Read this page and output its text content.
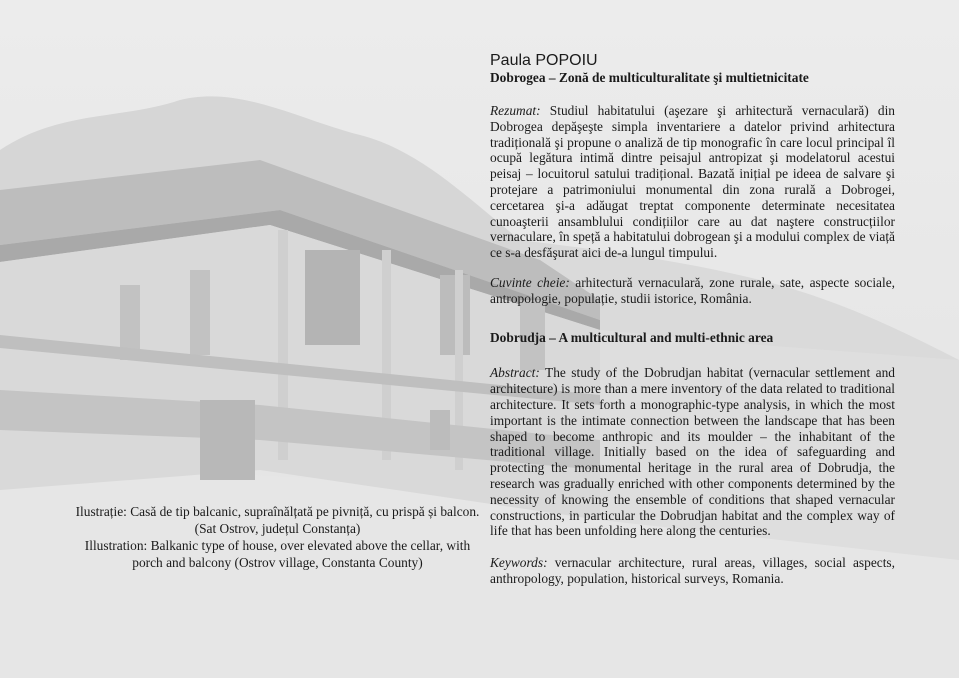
Ilustrație: Casă de tip balcanic, supraînălțată pe pivniță, cu prispă și balcon.
(Sat Ostrov, județul Constanța)
Illustration: Balkanic type of house, over elevated above the cellar, with
porch and balcony (Ostrov village, Constanta County)
Paula POPOIU
Dobrogea – Zonă de multiculturalitate şi multietnicitate

Rezumat: Studiul habitatului (aşezare şi arhitectură vernaculară) din Dobrogea depăşeşte simpla inventariere a datelor privind arhitectura tradițională şi propune o analiză de tip monografic în care locul principal îl ocupă legătura intimă dintre peisajul antropizat şi modelatorul acestui peisaj – locuitorul satului tradițional. Bazată inițial pe ideea de salvare şi protejare a patrimoniului monumental din zona rurală a Dobrogei, cercetarea şi-a adăugat treptat componente determinate necesitatea cunoaşterii ansamblului condițiilor care au dat naştere construcțiilor vernaculare, în speță a habitatului dobrogean şi a modului complex de viață ce s-a desfăşurat aici de-a lungul timpului.

Cuvinte cheie: arhitectură vernaculară, zone rurale, sate, aspecte sociale, antropologie, populație, studii istorice, România.

Dobrudja – A multicultural and multi-ethnic area

Abstract: The study of the Dobrudjan habitat (vernacular settlement and architecture) is more than a mere inventory of the data related to traditional architecture. It sets forth a monographic-type analysis, in which the most important is the intimate connection between the landscape that has been shaped to become anthropic and its moulder – the inhabitant of the traditional village. Initially based on the idea of safeguarding and protecting the monumental heritage in the rural area of Dobrudja, the research was gradually enriched with other components determined by the necessity of knowing the ensemble of conditions that shaped vernacular constructions, in particular the Dobrudjan habitat and the complex way of life that has been unfolding here along the centuries.

Keywords: vernacular architecture, rural areas, villages, social aspects, anthropology, population, historical surveys, Romania.
